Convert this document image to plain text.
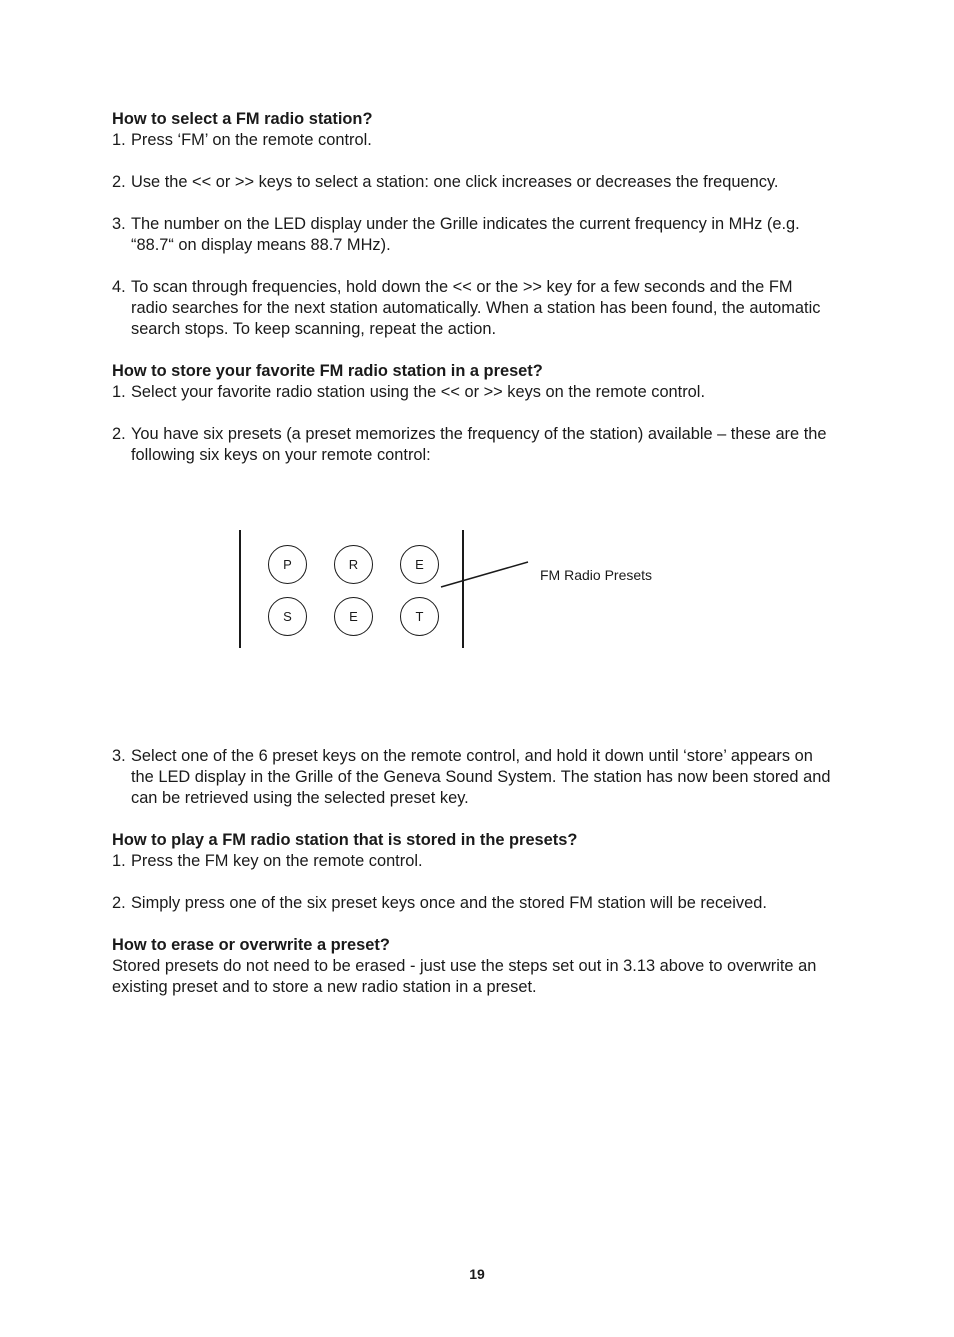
How to select a FM radio station?

1. Press ‘FM’ on the remote control.
2. Use the << or >> keys to select a station: one click increases or decreases the frequency.
3. The number on the LED display under the Grille indicates the current frequency in MHz (e.g. “88.7“ on display means 88.7 MHz).
4. To scan through frequencies, hold down the << or the >> key for a few seconds and the FM radio searches for the next station automatically. When a station has been found, the automatic search stops. To keep scanning, repeat the action.

How to store your favorite FM radio station in a preset?

1. Select your favorite radio station using the << or >> keys on the remote control.
2. You have six presets (a preset memorizes the frequency of the station) available – these are the following six keys on your remote control:
P	R	E
S	E	T
FM Radio Presets
3. Select one of the 6 preset keys on the remote control, and hold it down until ‘store’ appears on the LED display in the Grille of the Geneva Sound System. The station has now been stored and can be retrieved using the selected preset key.

How to play a FM radio station that is stored in the presets?

1. Press the FM key on the remote control.
2. Simply press one of the six preset keys once and the stored FM station will be received.

How to erase or overwrite a preset?

Stored presets do not need to be erased - just use the steps set out in 3.13 above to overwrite an existing preset and to store a new radio station in a preset.

19
